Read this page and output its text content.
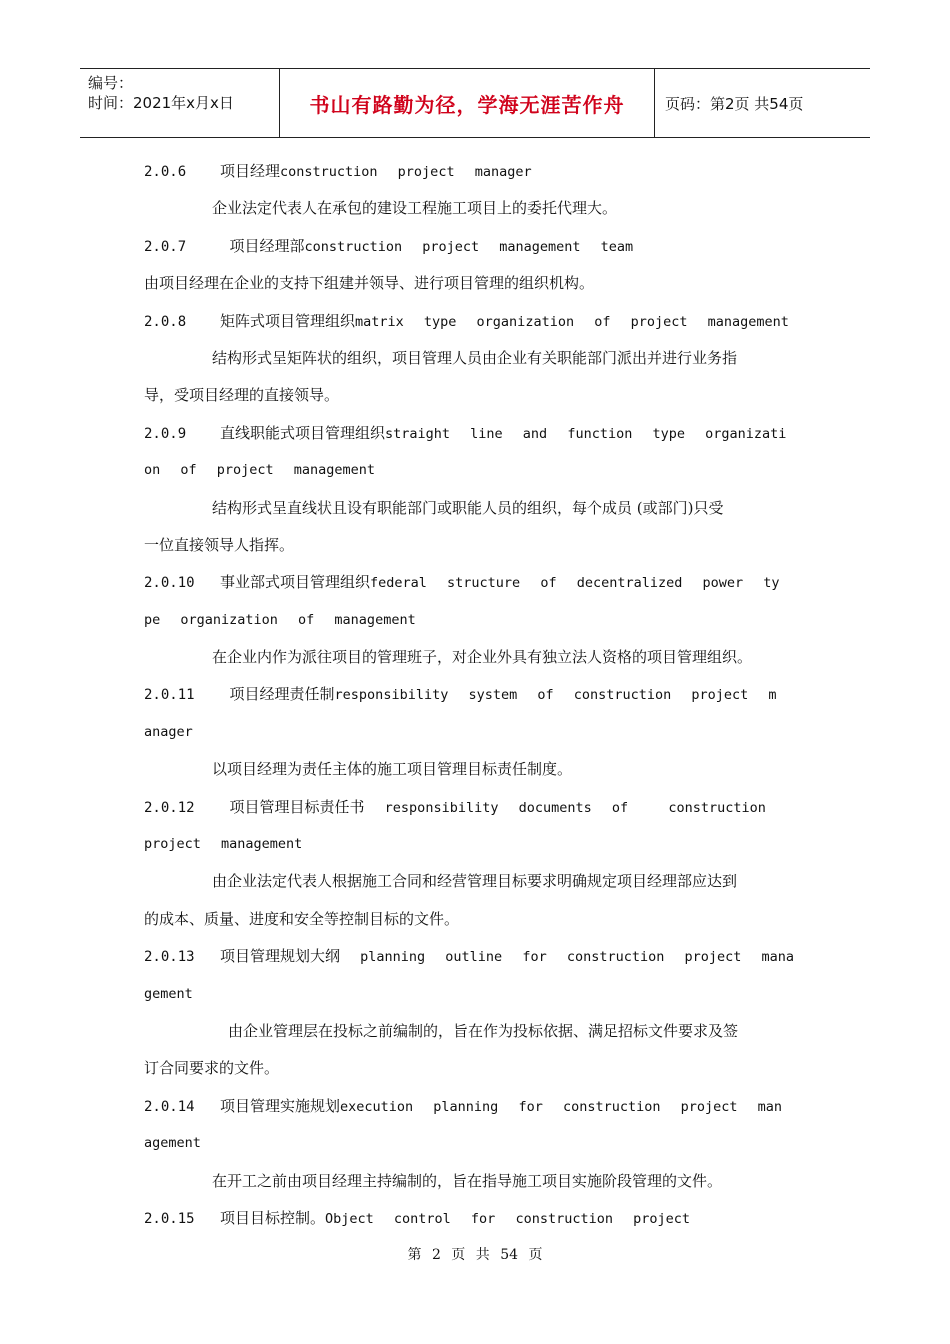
编号：
时间：2021年x月x日	书山有路勤为径，学海无涯苦作舟	页码：第2页 共54页
2.0.6 项目经理construction project manager
企业法定代表人在承包的建设工程施工项目上的委托代理大。
2.0.7  项目经理部construction project management team
由项目经理在企业的支持下组建并领导、进行项目管理的组织机构。
2.0.8 矩阵式项目管理组织matrix type organization of project management
结构形式呈矩阵状的组织，项目管理人员由企业有关职能部门派出并进行业务指
导，受项目经理的直接领导。
2.0.9 直线职能式项目管理组织straight line and function type organizati
on of project management
结构形式呈直线状且设有职能部门或职能人员的组织，每个成员 (或部门)只受
一位直接领导人指挥。
2.0.10 事业部式项目管理组织federal structure of decentralized power ty
pe organization of management
在企业内作为派往项目的管理班子，对企业外具有独立法人资格的项目管理组织。
2.0.11  项目经理责任制responsibility system of construction project m
anager
以项目经理为责任主体的施工项目管理目标责任制度。
2.0.12  项目管理目标责任书 responsibility documents of  construction
project management
由企业法定代表人根据施工合同和经营管理目标要求明确规定项目经理部应达到
的成本、质量、进度和安全等控制目标的文件。
2.0.13 项目管理规划大纲 planning outline for construction project mana
gement
由企业管理层在投标之前编制的，旨在作为投标依据、满足招标文件要求及签
订合同要求的文件。
2.0.14 项目管理实施规划execution planning for construction project man
agement
在开工之前由项目经理主持编制的，旨在指导施工项目实施阶段管理的文件。
2.0.15 项目目标控制。Object control for construction project
第 2 页 共 54 页
